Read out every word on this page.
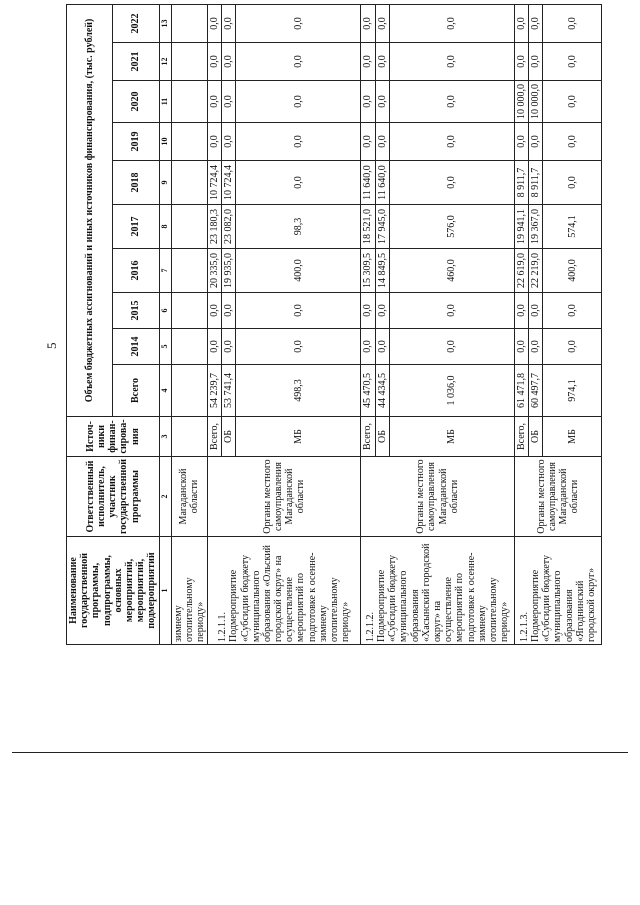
5
Наименование государственной программы, подпрограммы, основных мероприятий, мероприятий, подмероприятий	Ответственный исполнитель, участник государственной программы	Источ-ники финан-сирова-ния	Объем бюджетных ассигнований и иных источников финансирования, (тыс. рублей)									
			Всего	2014	2015	2016	2017	2018	2019	2020	2021	2022
1	2	3	4	5	6	7	8	9	10	11	12	13
зимнему отопительному периоду»	Магаданской области											
1.2.1.1. Подмероприятие «Субсидии бюджету муниципального образования «Ольский городской округ» на осуществление мероприятий по подготовке к осенне-зимнему отопительному периоду»	Органы местного самоуправления Магаданской области	Всего,	54 239,7	0,0	0,0	20 335,0	23 180,3	10 724,4	0,0	0,0	0,0	0,0
		ОБ	53 741,4	0,0	0,0	19 935,0	23 082,0	10 724,4	0,0	0,0	0,0	0,0
		МБ	498,3	0,0	0,0	400,0	98,3	0,0	0,0	0,0	0,0	0,0
1.2.1.2. Подмероприятие «Субсидии бюджету муниципального образования «Хасынский городской округ» на осуществление мероприятий по подготовке к осенне-зимнему отопительному периоду»	Органы местного самоуправления Магаданской области	Всего,	45 470,5	0,0	0,0	15 309,5	18 521,0	11 640,0	0,0	0,0	0,0	0,0
		ОБ	44 434,5	0,0	0,0	14 849,5	17 945,0	11 640,0	0,0	0,0	0,0	0,0
		МБ	1 036,0	0,0	0,0	460,0	576,0	0,0	0,0	0,0	0,0	0,0
1.2.1.3. Подмероприятие «Субсидии бюджету муниципального образования «Ягоднинский городской округ»	Органы местного самоуправления Магаданской области	Всего,	61 471,8	0,0	0,0	22 619,0	19 941,1	8 911,7	0,0	10 000,0	0,0	0,0
		ОБ	60 497,7	0,0	0,0	22 219,0	19 367,0	8 911,7	0,0	10 000,0	0,0	0,0
		МБ	974,1	0,0	0,0	400,0	574,1	0,0	0,0	0,0	0,0	0,0
